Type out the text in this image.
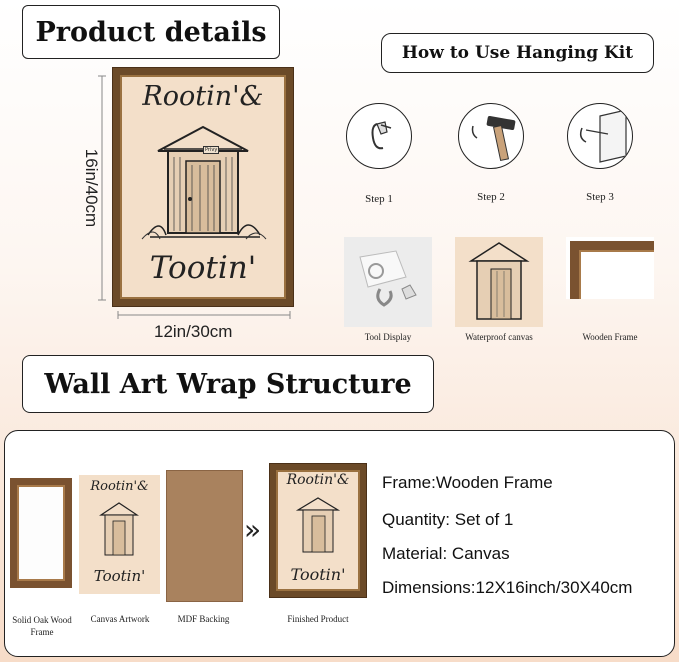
Product details
How to Use Hanging Kit
Rootin'&
Tootin'
16in/40cm
12in/30cm
Step 1	Step 2	Step 3
Tool Display	Waterproof canvas	Wooden Frame
Wall Art Wrap Structure
Rootin'&
Tootin'
»
Rootin'&
Tootin'
Solid Oak Wood Frame
Canvas Artwork	MDF Backing	Finished Product
Frame:Wooden Frame
Quantity: Set of 1
Material: Canvas
Dimensions:12X16inch/30X40cm
Privy
